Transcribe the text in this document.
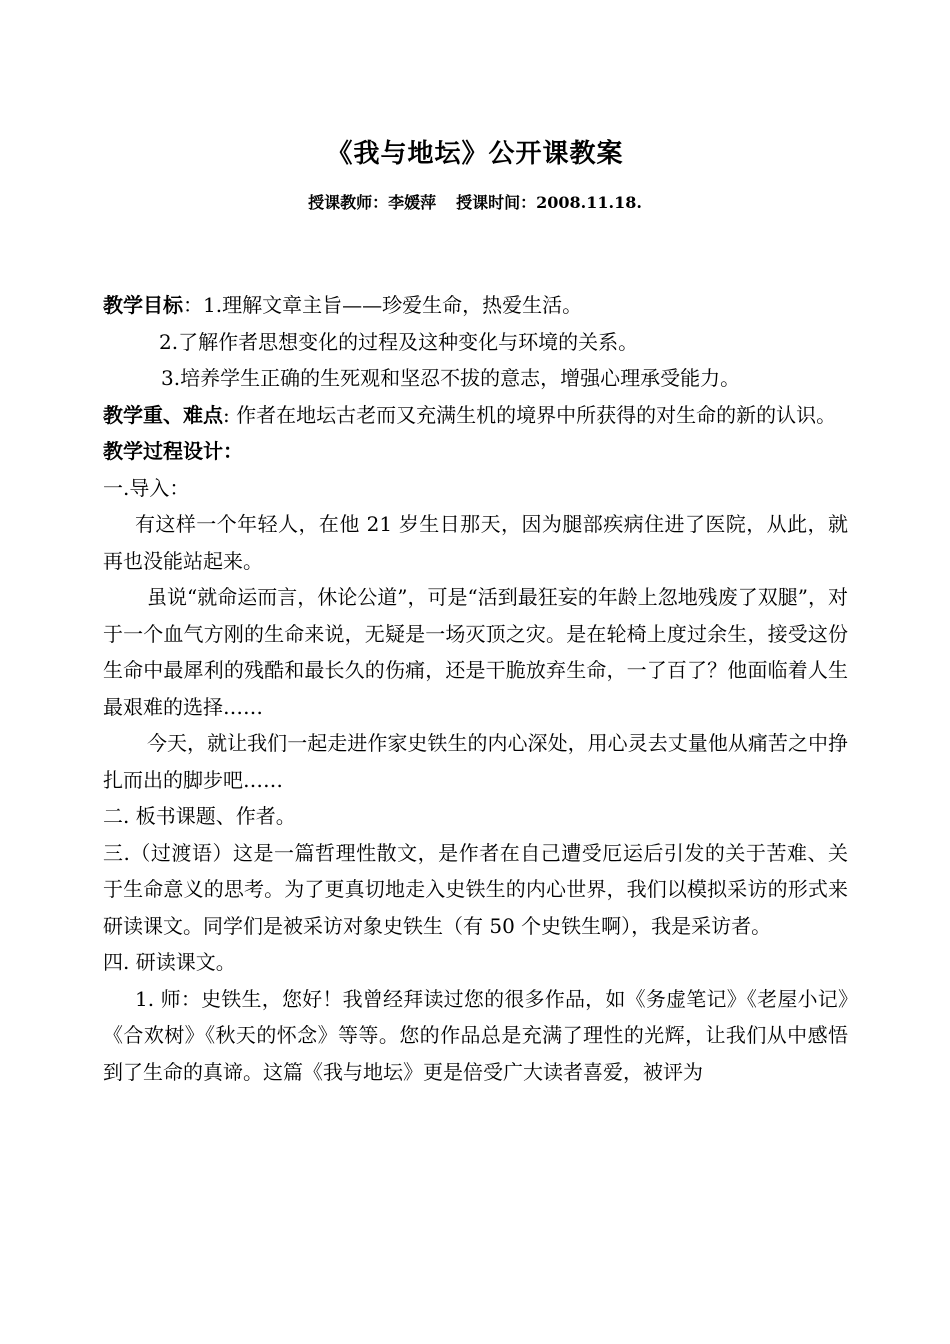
《我与地坛》公开课教案
授课教师：李媛萍 授课时间：2008.11.18.

教学目标：1.理解文章主旨——珍爱生命，热爱生活。

2.了解作者思想变化的过程及这种变化与环境的关系。

3.培养学生正确的生死观和坚忍不拔的意志，增强心理承受能力。

教学重、难点: 作者在地坛古老而又充满生机的境界中所获得的对生命的新的认识。

教学过程设计：

一.导入：

有这样一个年轻人，在他 21 岁生日那天，因为腿部疾病住进了医院，从此，就再也没能站起来。

虽说“就命运而言，休论公道”，可是“活到最狂妄的年龄上忽地残废了双腿”，对于一个血气方刚的生命来说，无疑是一场灭顶之灾。是在轮椅上度过余生，接受这份生命中最犀利的残酷和最长久的伤痛，还是干脆放弃生命，一了百了？他面临着人生最艰难的选择……

今天，就让我们一起走进作家史铁生的内心深处，用心灵去丈量他从痛苦之中挣扎而出的脚步吧……

二. 板书课题、作者。

三.（过渡语）这是一篇哲理性散文，是作者在自己遭受厄运后引发的关于苦难、关于生命意义的思考。为了更真切地走入史铁生的内心世界，我们以模拟采访的形式来研读课文。同学们是被采访对象史铁生（有 50 个史铁生啊），我是采访者。

四. 研读课文。

1. 师：史铁生，您好！我曾经拜读过您的很多作品，如《务虚笔记》《老屋小记》《合欢树》《秋天的怀念》等等。您的作品总是充满了理性的光辉，让我们从中感悟到了生命的真谛。这篇《我与地坛》更是倍受广大读者喜爱，被评为
